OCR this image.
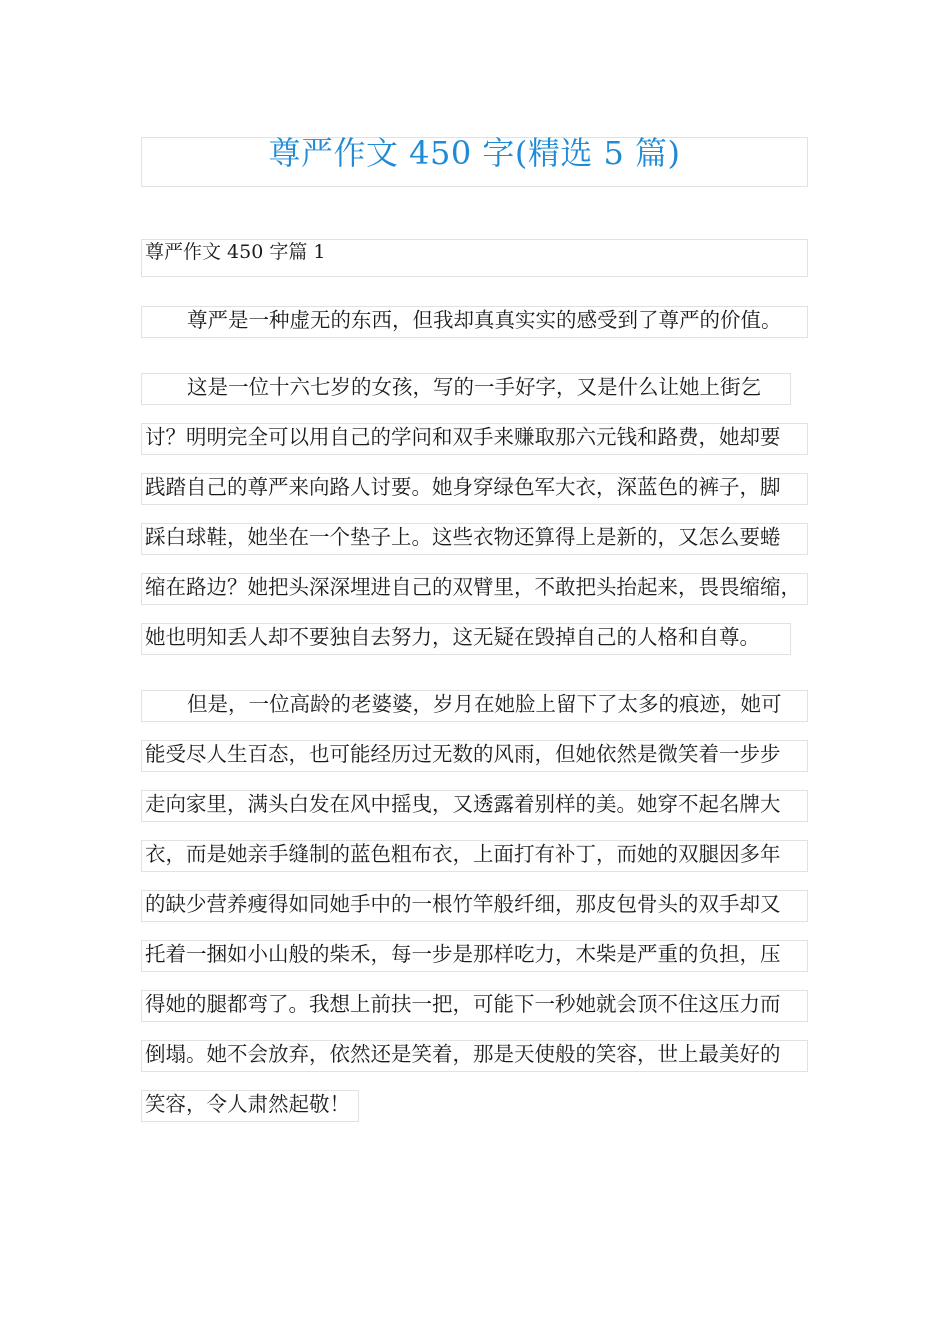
尊严作文 450 字(精选 5 篇)
尊严作文 450 字篇 1
尊严是一种虚无的东西，但我却真真实实的感受到了尊严的价值。
这是一位十六七岁的女孩，写的一手好字，又是什么让她上街乞
讨？明明完全可以用自己的学问和双手来赚取那六元钱和路费，她却要
践踏自己的尊严来向路人讨要。她身穿绿色军大衣，深蓝色的裤子，脚
踩白球鞋，她坐在一个垫子上。这些衣物还算得上是新的，又怎么要蜷
缩在路边？她把头深深埋进自己的双臂里，不敢把头抬起来，畏畏缩缩，
她也明知丢人却不要独自去努力，这无疑在毁掉自己的人格和自尊。
但是，一位高龄的老婆婆，岁月在她脸上留下了太多的痕迹，她可
能受尽人生百态，也可能经历过无数的风雨，但她依然是微笑着一步步
走向家里，满头白发在风中摇曳，又透露着别样的美。她穿不起名牌大
衣，而是她亲手缝制的蓝色粗布衣，上面打有补丁，而她的双腿因多年
的缺少营养瘦得如同她手中的一根竹竿般纤细，那皮包骨头的双手却又
托着一捆如小山般的柴禾，每一步是那样吃力，木柴是严重的负担，压
得她的腿都弯了。我想上前扶一把，可能下一秒她就会顶不住这压力而
倒塌。她不会放弃，依然还是笑着，那是天使般的笑容，世上最美好的
笑容，令人肃然起敬！
